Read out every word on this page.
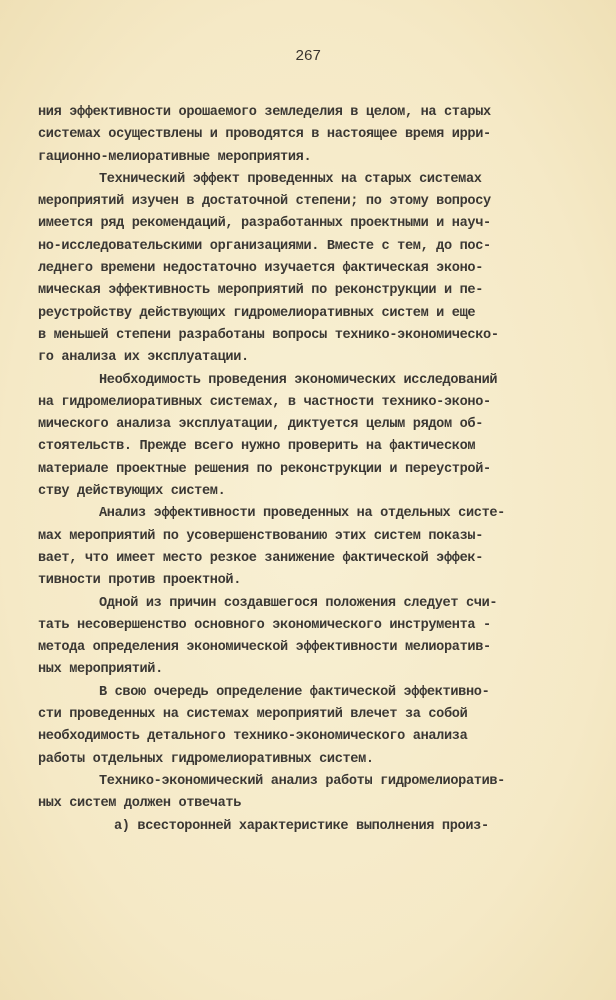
267
ния эффективности орошаемого земледелия в целом, на старых
системах осуществлены и проводятся в настоящее время ирри-
гационно-мелиоративные мероприятия.
Технический эффект проведенных на старых системах
мероприятий изучен в достаточной степени; по этому вопросу
имеется ряд рекомендаций, разработанных проектными и науч-
но-исследовательскими организациями. Вместе с тем, до пос-
леднего времени недостаточно изучается фактическая эконо-
мическая эффективность мероприятий по реконструкции и пе-
реустройству действующих гидромелиоративных систем и еще
в меньшей степени разработаны вопросы технико-экономическо-
го анализа их эксплуатации.
Необходимость проведения экономических исследований
на гидромелиоративных системах, в частности технико-эконо-
мического анализа эксплуатации, диктуется целым рядом об-
стоятельств. Прежде всего нужно проверить на фактическом
материале проектные решения по реконструкции и переустрой-
ству действующих систем.
Анализ эффективности проведенных на отдельных систе-
мах мероприятий по усовершенствованию этих систем показы-
вает, что имеет место резкое занижение фактической эффек-
тивности против проектной.
Одной из причин создавшегося положения следует счи-
тать несовершенство основного экономического инструмента -
метода определения экономической эффективности мелиоратив-
ных мероприятий.
В свою очередь определение фактической эффективно-
сти проведенных на системах мероприятий влечет за собой
необходимость детального технико-экономического анализа
работы отдельных гидромелиоративных систем.
Технико-экономический анализ работы гидромелиоратив-
ных систем должен отвечать
а) всесторонней характеристике выполнения произ-
